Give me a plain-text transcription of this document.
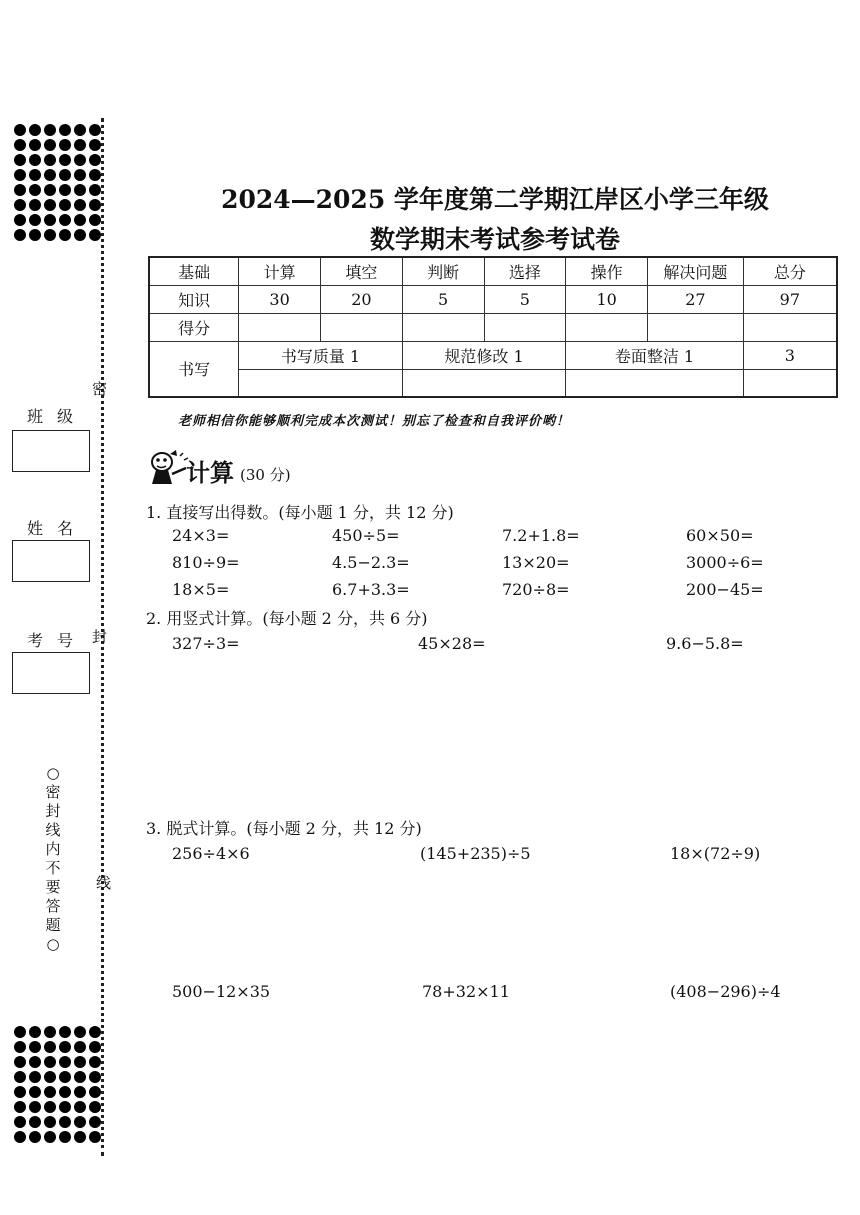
密
封
线
班级
姓名
考号
○密封线内不要答题○
2024—2025 学年度第二学期江岸区小学三年级
数学期末考试参考试卷
基础	计算	填空	判断	选择	操作	解决问题	总分
知识	30	20	5	5	10	27	97
得分							
书写	书写质量 1		规范修改 1		卷面整洁 1		3

老师相信你能够顺利完成本次测试！别忘了检查和自我评价哟！
计算 (30 分)
1. 直接写出得数。(每小题 1 分，共 12 分)
24×3=	450÷5=	7.2+1.8=	60×50=
810÷9=	4.5−2.3=	13×20=	3000÷6=
18×5=	6.7+3.3=	720÷8=	200−45=
2. 用竖式计算。(每小题 2 分，共 6 分)
327÷3=	45×28=	9.6−5.8=
3. 脱式计算。(每小题 2 分，共 12 分)
256÷4×6	(145+235)÷5	18×(72÷9)
500−12×35	78+32×11	(408−296)÷4
